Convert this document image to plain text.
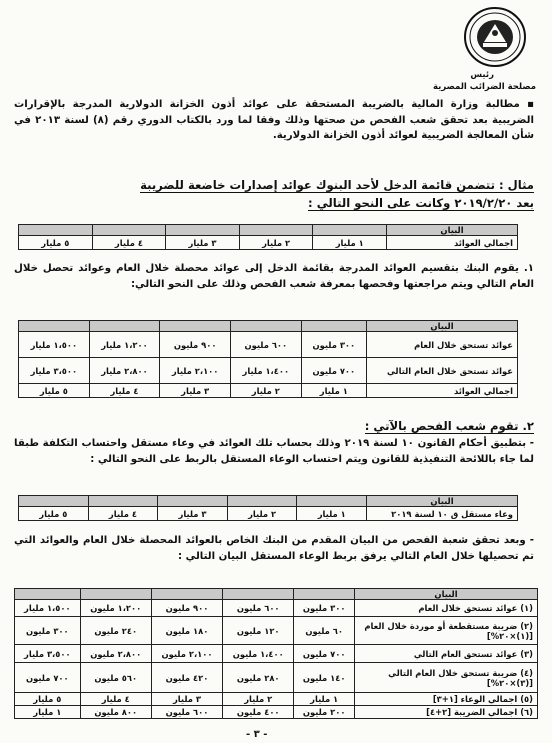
رئيس
مصلحة الضرائب المصرية
▪ مطالبة وزارة المالية بالضريبة المستحقة على عوائد أذون الخزانة الدولارية المدرجة بالإقرارات الضريبية بعد تحقق شعب الفحص من صحتها وذلك وفقا لما ورد بالكتاب الدوري رقم (٨) لسنة ٢٠١٣ في شأن المعالجة الضريبية لعوائد أذون الخزانة الدولارية.
مثال : تتضمن قائمة الدخل لأحد البنوك عوائد إصدارات خاضعة للضريبة
بعد ٢٠١٩/٢/٢٠ وكانت على النحو التالي :
البيان					
اجمالي العوائد	١ مليار	٢ مليار	٣ مليار	٤ مليار	٥ مليار
١. يقوم البنك بتقسيم العوائد المدرجة بقائمة الدخل إلى عوائد محصلة خلال العام وعوائد تحصل خلال العام التالي ويتم مراجعتها وفحصها بمعرفة شعب الفحص وذلك على النحو التالي:
البيان					
عوائد تستحق خلال العام	٣٠٠ مليون	٦٠٠ مليون	٩٠٠ مليون	١،٢٠٠ مليار	١،٥٠٠ مليار
عوائد تستحق خلال العام التالي	٧٠٠ مليون	١،٤٠٠ مليار	٢،١٠٠ مليار	٢،٨٠٠ مليار	٣،٥٠٠ مليار
اجمالي العوائد	١ مليار	٢ مليار	٣ مليار	٤ مليار	٥ مليار
٢. تقوم شعب الفحص بالآتي :
- بتطبيق أحكام القانون ١٠ لسنة ٢٠١٩ وذلك بحساب تلك العوائد في وعاء مستقل واحتساب التكلفة طبقا لما جاء باللائحة التنفيذية للقانون ويتم احتساب الوعاء المستقل بالربط على النحو التالي :
البيان					
وعاء مستقل ق ١٠ لسنة ٢٠١٩	١ مليار	٢ مليار	٣ مليار	٤ مليار	٥ مليار
- وبعد تحقق شعبة الفحص من البيان المقدم من البنك الخاص بالعوائد المحصلة خلال العام والعوائد التي تم تحصيلها خلال العام التالي يرفق بربط الوعاء المستقل البيان التالي :
البيان					
(١) عوائد تستحق خلال العام	٣٠٠ مليون	٦٠٠ مليون	٩٠٠ مليون	١،٢٠٠ مليون	١،٥٠٠ مليار
(٢) ضريبة مستقطعة أو موردة خلال العام [(١)×٢٠%]	٦٠ مليون	١٢٠ مليون	١٨٠ مليون	٢٤٠ مليون	٣٠٠ مليون
(٣) عوائد تستحق العام التالي	٧٠٠ مليون	١،٤٠٠ مليون	٢،١٠٠ مليون	٢،٨٠٠ مليون	٣،٥٠٠ مليار
(٤) ضريبة تستحق خلال العام التالي [(٣)×٢٠%]	١٤٠ مليون	٢٨٠ مليون	٤٢٠ مليون	٥٦٠ مليون	٧٠٠ مليون
(٥) اجمالي الوعاء [١+٣]	١ مليار	٢ مليار	٣ مليار	٤ مليار	٥ مليار
(٦) اجمالي الضريبة [٢+٤]	٢٠٠ مليون	٤٠٠ مليون	٦٠٠ مليون	٨٠٠ مليون	١ مليار
- ٣ -
